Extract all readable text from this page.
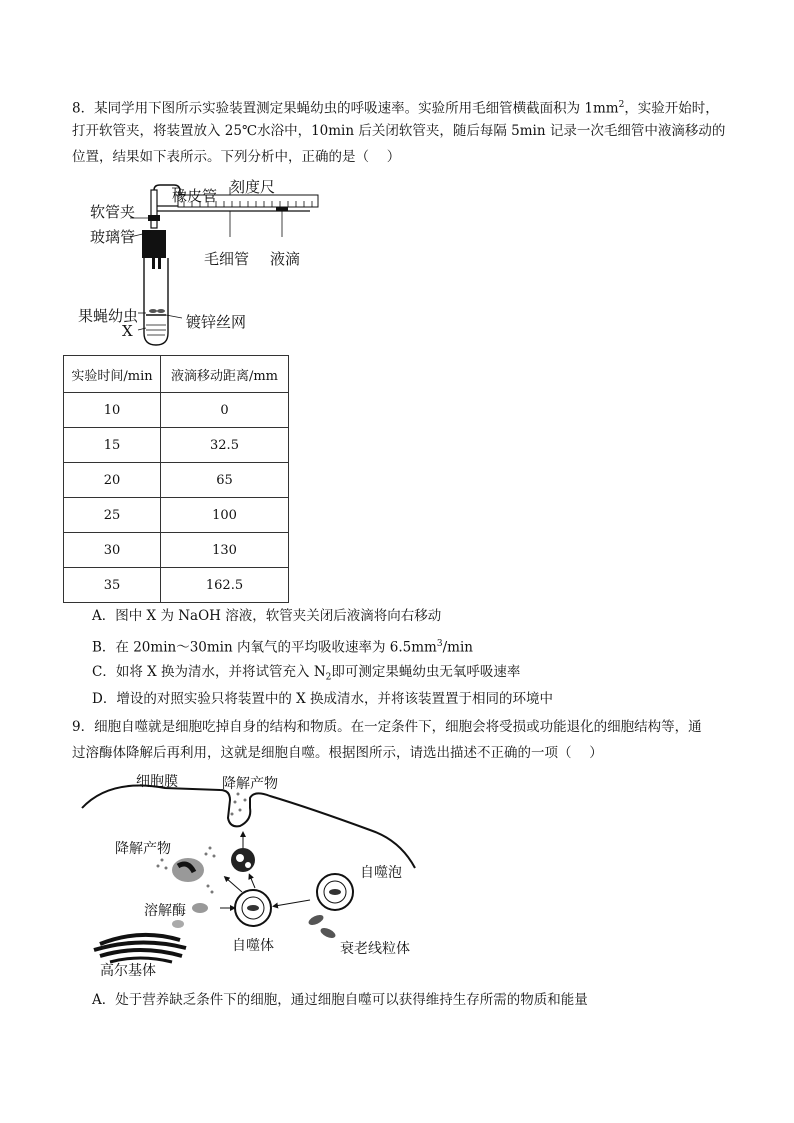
8．某同学用下图所示实验装置测定果蝇幼虫的呼吸速率。实验所用毛细管横截面积为 $1mm^2$，实验开始时，
打开软管夹，将装置放入 25℃水浴中，10min 后关闭软管夹，随后每隔 5min 记录一次毛细管中液滴移动的
位置，结果如下表所示。下列分析中，正确的是（　 ）
橡皮管 刻度尺
软管夹
玻璃管
毛细管 液滴
果蝇幼虫
X	镀锌丝网
实验时间/min	液滴移动距离/mm
10	0
15	32.5
20	65
25	100
30	130
35	162.5
A．图中 X 为 NaOH 溶液，软管夹关闭后液滴将向右移动
B．在 20min～30min 内氧气的平均吸收速率为 $6.5mm^3/\min$
C．如将 X 换为清水，并将试管充入 $N_2$即可测定果蝇幼虫无氧呼吸速率
D．增设的对照实验只将装置中的 X 换成清水，并将该装置置于相同的环境中
9．细胞自噬就是细胞吃掉自身的结构和物质。在一定条件下，细胞会将受损或功能退化的细胞结构等，通
过溶酶体降解后再利用，这就是细胞自噬。根据图所示，请选出描述不正确的一项（　 ）
细胞膜	降解产物
降解产物
溶解酶
自噬泡
自噬体	衰老线粒体
高尔基体
A．处于营养缺乏条件下的细胞，通过细胞自噬可以获得维持生存所需的物质和能量
